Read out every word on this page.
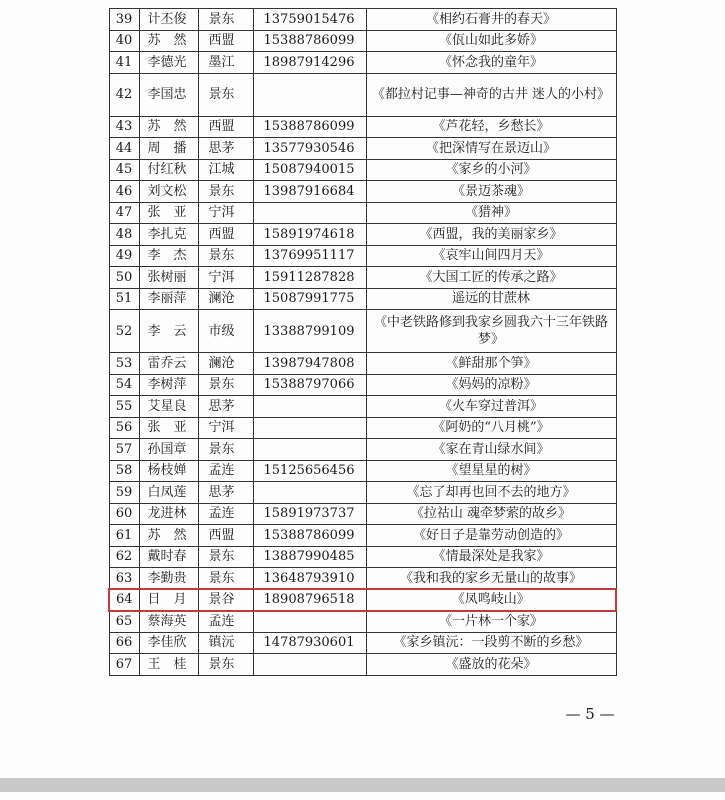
39	计丕俊	景东	13759015476	《相约石膏井的春天》
40	苏　然	西盟	15388786099	《佤山如此多娇》
41	李德光	墨江	18987914296	《怀念我的童年》
42	李国忠	景东		《都拉村记事—神奇的古井 迷人的小村》
43	苏　然	西盟	15388786099	《芦花轻，乡愁长》
44	周　播	思茅	13577930546	《把深情写在景迈山》
45	付红秋	江城	15087940015	《家乡的小河》
46	刘文松	景东	13987916684	《景迈茶魂》
47	张　亚	宁洱		《猎神》
48	李扎克	西盟	15891974618	《西盟，我的美丽家乡》
49	李　杰	景东	13769951117	《哀牢山间四月天》
50	张树丽	宁洱	15911287828	《大国工匠的传承之路》
51	李丽萍	澜沧	15087991775	遥远的甘蔗林
52	李　云	市级	13388799109	《中老铁路修到我家乡圆我六十三年铁路梦》
53	雷乔云	澜沧	13987947808	《鲜甜那个笋》
54	李树萍	景东	15388797066	《妈妈的凉粉》
55	艾星良	思茅		《火车穿过普洱》
56	张　亚	宁洱		《阿奶的“八月桃”》
57	孙国章	景东		《家在青山绿水间》
58	杨枝婵	孟连	15125656456	《望星星的树》
59	白凤莲	思茅		《忘了却再也回不去的地方》
60	龙进林	孟连	15891973737	《拉祜山 魂牵梦萦的故乡》
61	苏　然	西盟	15388786099	《好日子是靠劳动创造的》
62	戴时春	景东	13887990485	《情最深处是我家》
63	李勤贵	景东	13648793910	《我和我的家乡无量山的故事》
64	日　月	景谷	18908796518	《凤鸣岐山》
65	蔡海英	孟连		《一片林一个家》
66	李佳欣	镇沅	14787930601	《家乡镇沅：一段剪不断的乡愁》
67	王　桂	景东		《盛放的花朵》
— 5 —
